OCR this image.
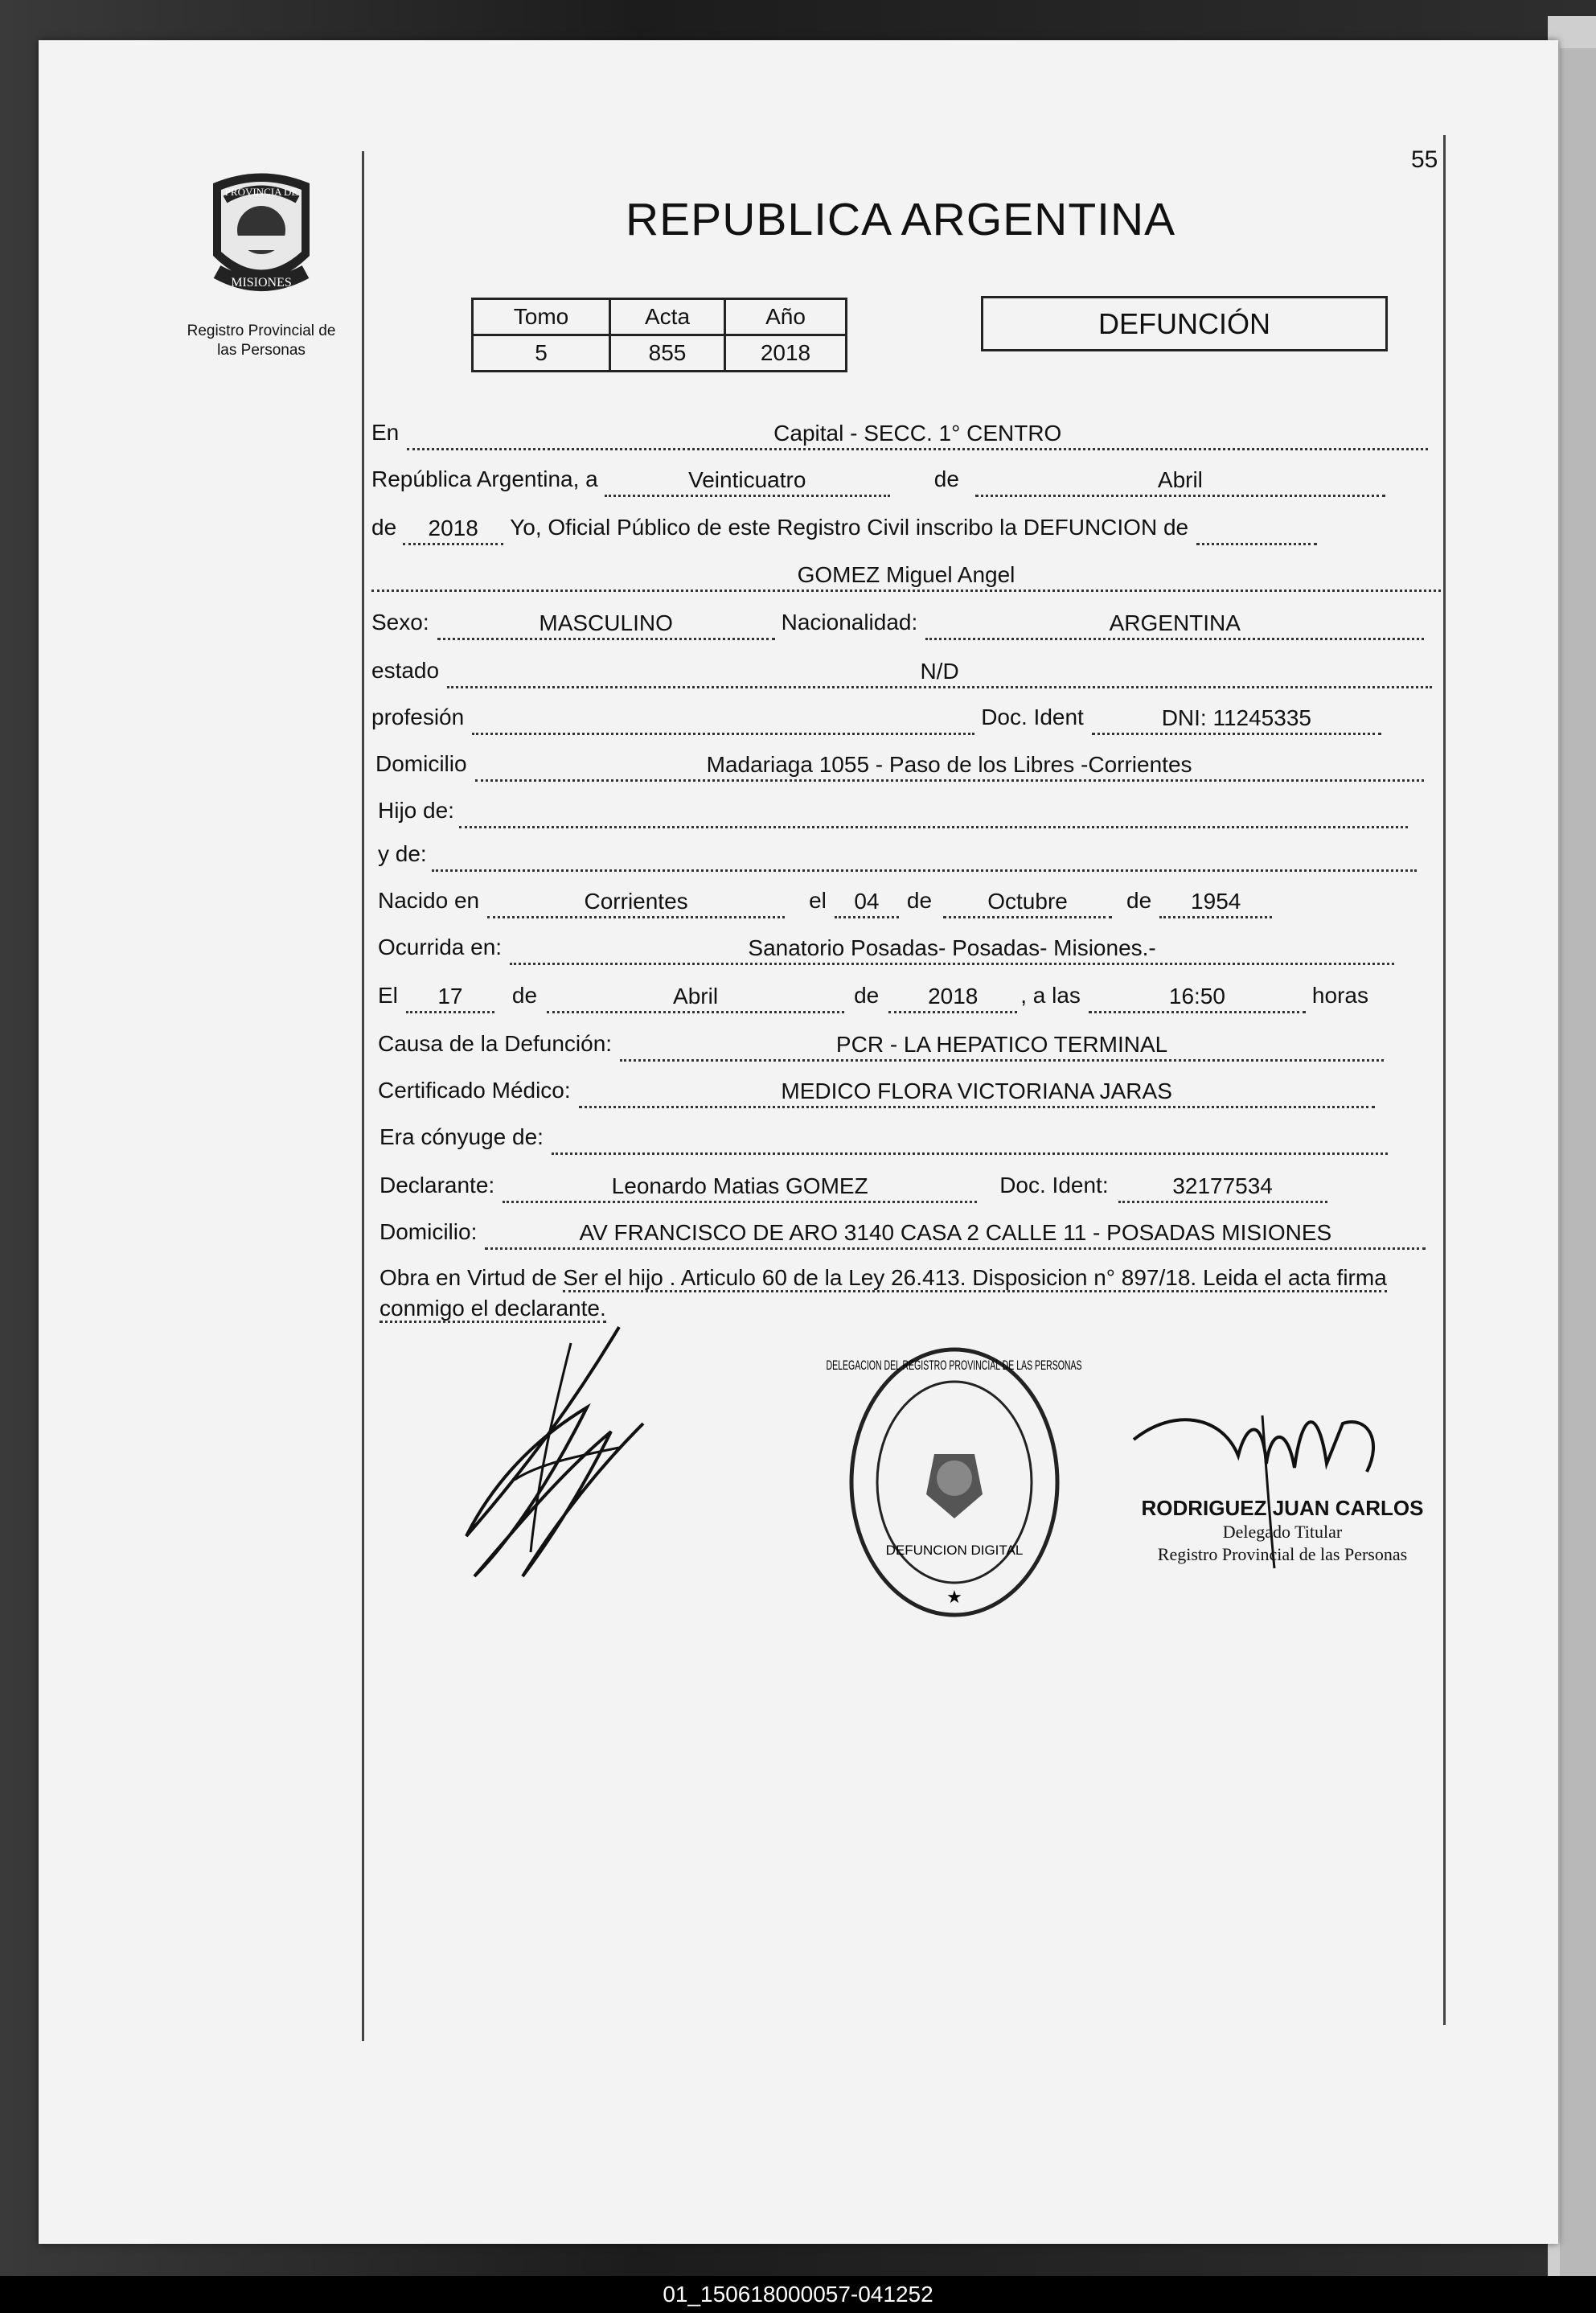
55
PROVINCIA DE
MISIONES
Registro Provincial de
las Personas
REPUBLICA ARGENTINA
Tomo	Acta	Año
5	855	2018
DEFUNCIÓN
En	Capital - SECC. 1° CENTRO
República Argentina, a	Veinticuatro	de	Abril
de	2018	Yo, Oficial Público de este Registro Civil inscribo la DEFUNCION de
GOMEZ Miguel Angel
Sexo:	MASCULINO	Nacionalidad:	ARGENTINA
estado	N/D
profesión	Doc. Ident	DNI: 11245335
Domicilio	Madariaga 1055 - Paso de los Libres -Corrientes
Hijo de:
y de:
Nacido en	Corrientes	el	04	de	Octubre	de	1954
Ocurrida en:	Sanatorio Posadas- Posadas- Misiones.-
El	17	de	Abril	de	2018	, a las	16:50	horas
Causa de la Defunción:	PCR - LA HEPATICO TERMINAL
Certificado Médico:	MEDICO FLORA VICTORIANA JARAS
Era cónyuge de:
Declarante:	Leonardo Matias GOMEZ	Doc. Ident:	32177534
Domicilio:	AV FRANCISCO DE ARO 3140 CASA 2 CALLE 11 - POSADAS MISIONES
Obra en Virtud de Ser el hijo . Articulo 60 de la Ley 26.413. Disposicion n° 897/18. Leida el acta firma conmigo el declarante.
DELEGACION DEL REGISTRO PROVINCIAL DE LAS PERSONAS
DEFUNCION DIGITAL
★
RODRIGUEZ JUAN CARLOS
Delegado Titular
Registro Provincial de las Personas
01_150618000057-041252
